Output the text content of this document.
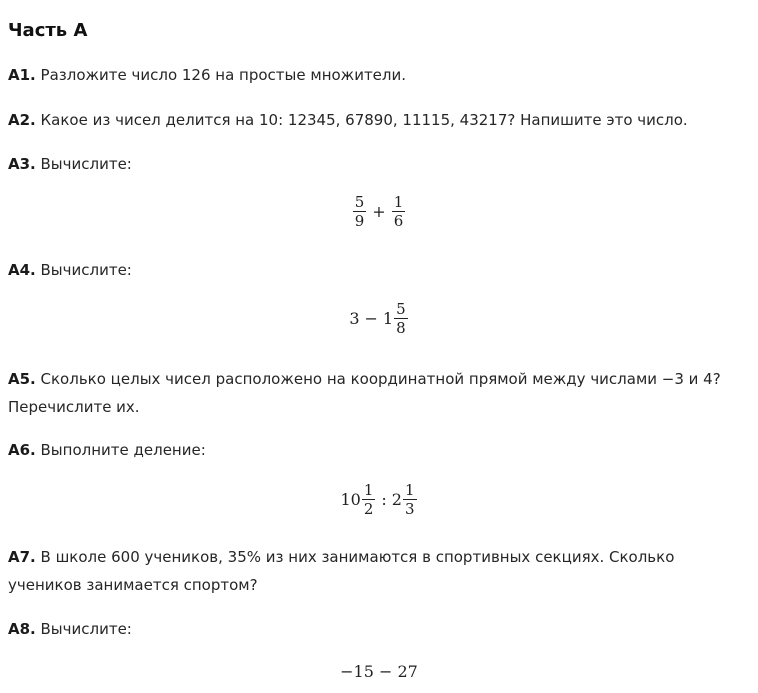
Часть А
А1. Разложите число 126 на простые множители.
А2. Какое из чисел делится на 10: 12345, 67890, 11115, 43217? Напишите это число.
А3. Вычислите:
$\frac{5}{9} + \frac{1}{6}$
А4. Вычислите:
$3 - 1 \frac{5}{8}$
А5. Сколько целых чисел расположено на координатной прямой между числами −3 и 4? Перечислите их.
А6. Выполните деление:
$10 \frac{1}{2}$ : $2 \frac{1}{3}$
А7. В школе 600 учеников, 35% из них занимаются в спортивных секциях. Сколько учеников занимается спортом?
А8. Вычислите:
−15 − 27
